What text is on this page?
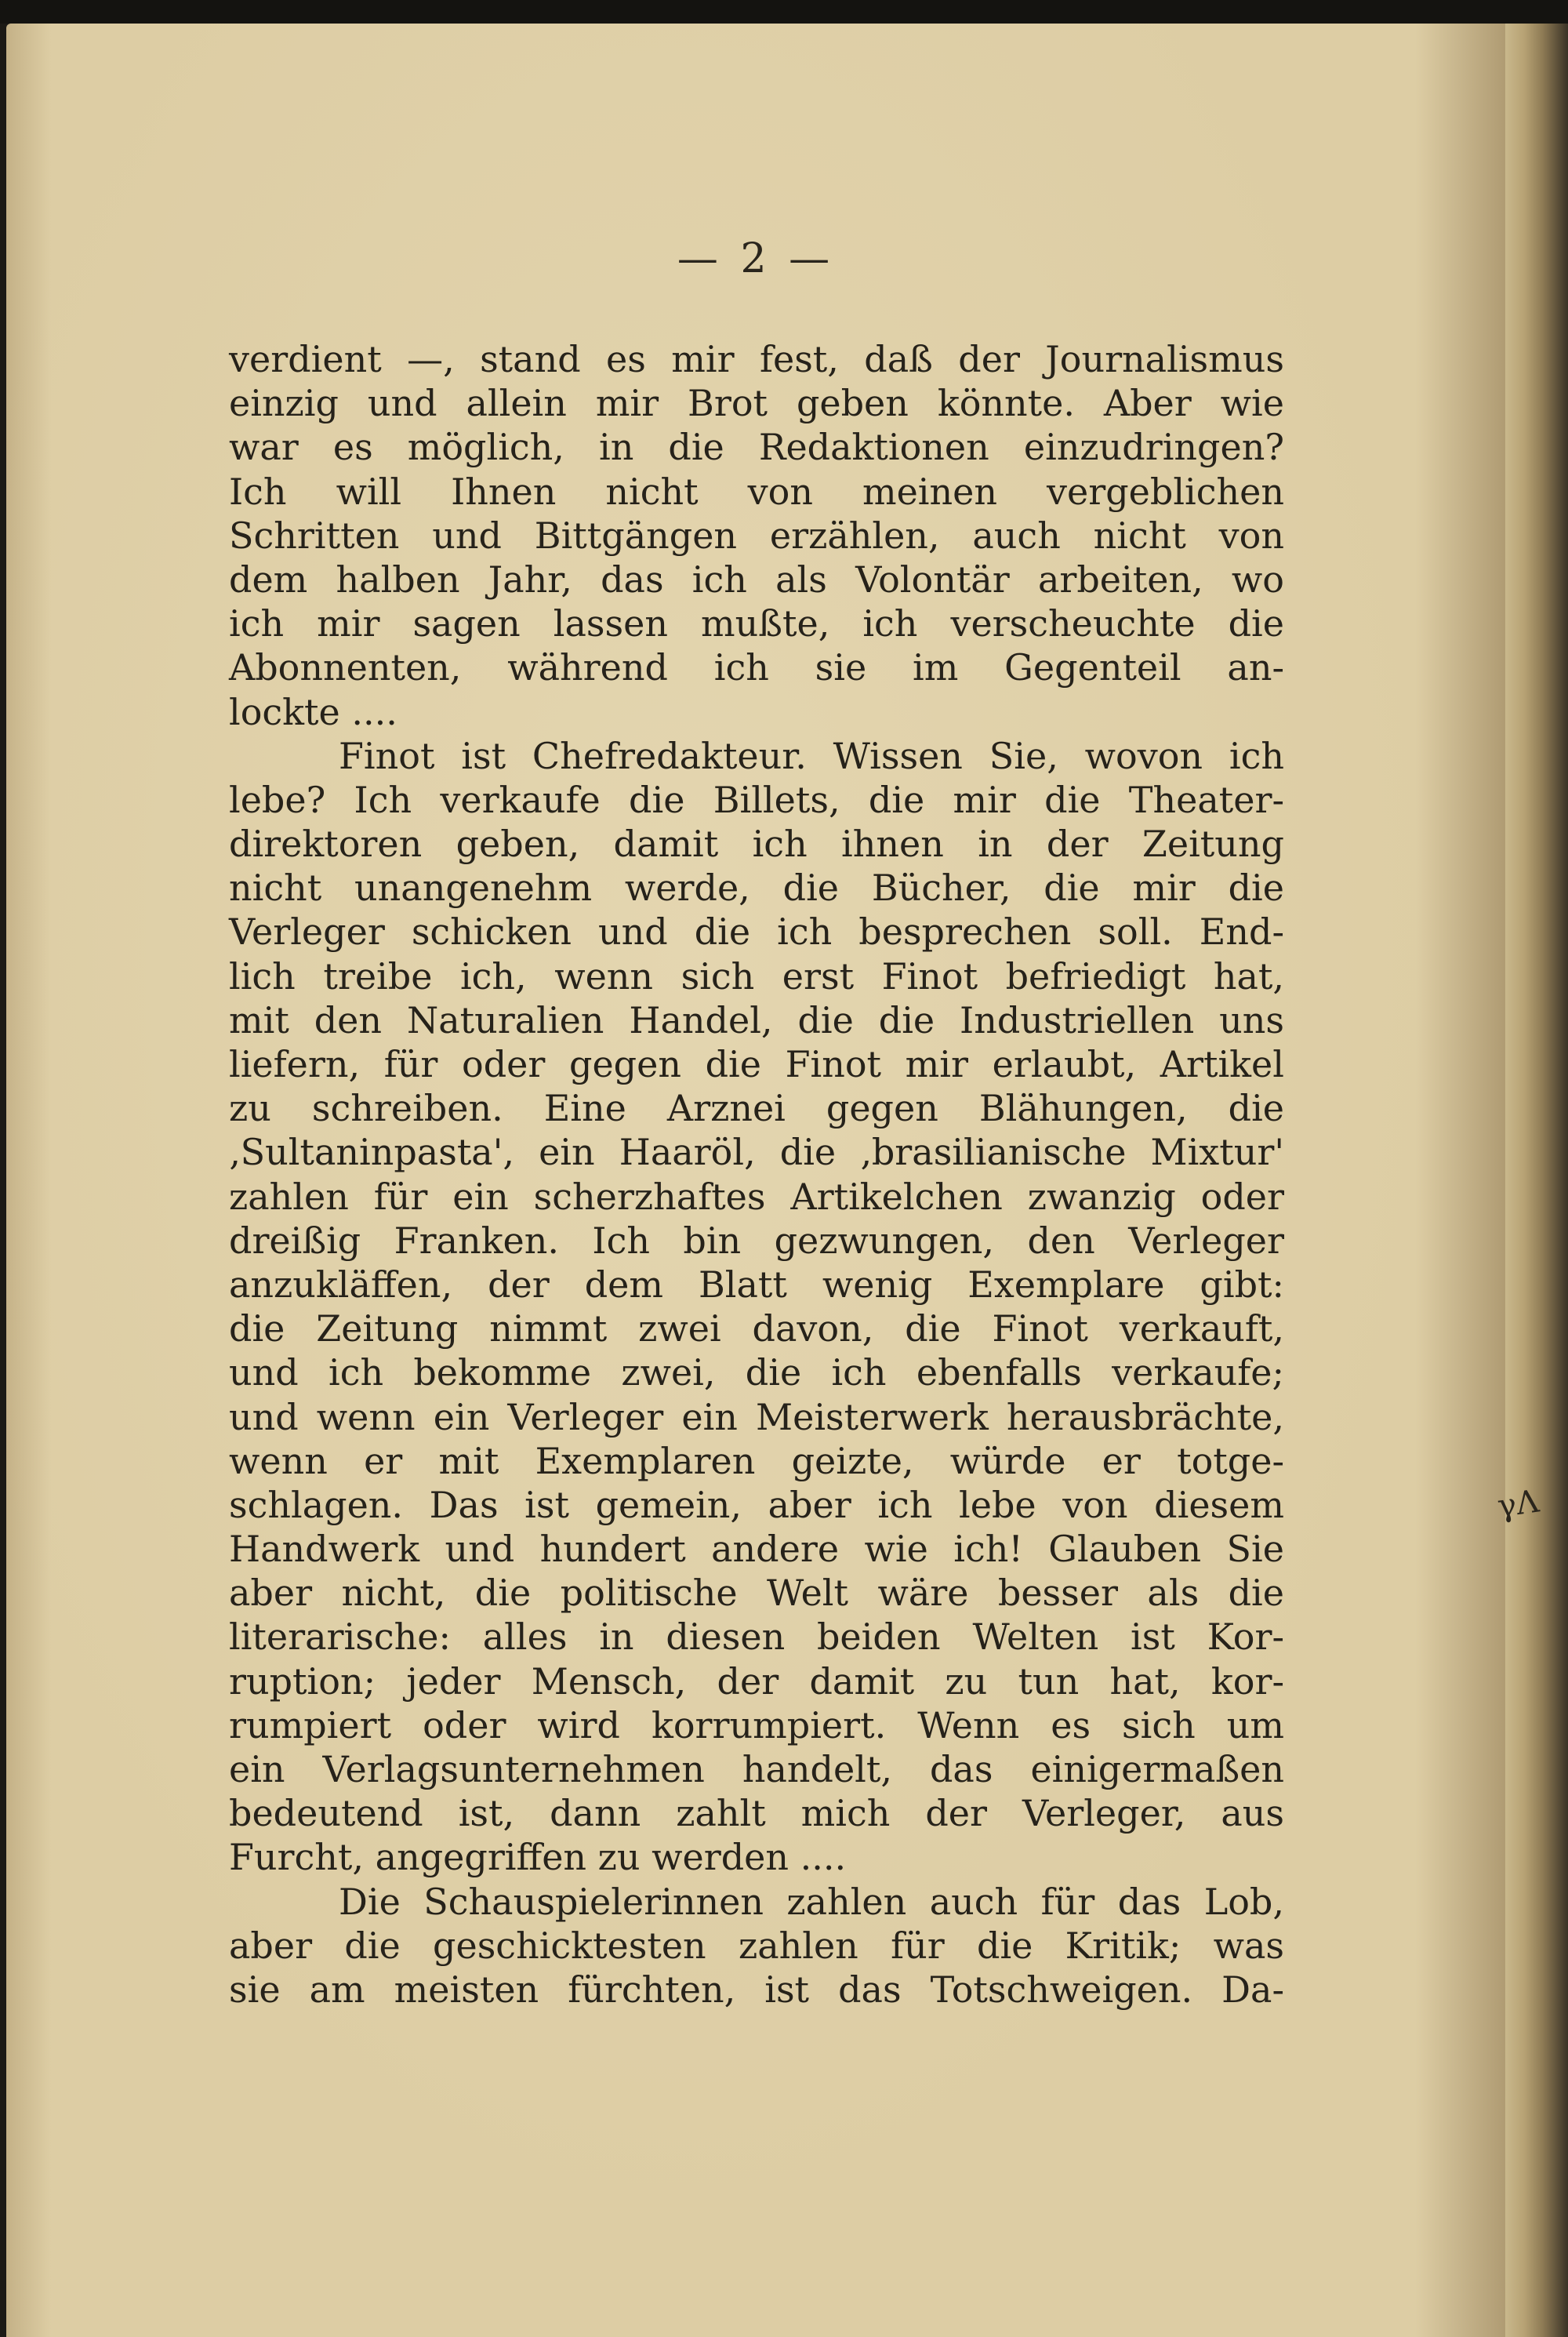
— 2 —
verdient —, stand es mir fest, daß der Journalismus
einzig und allein mir Brot geben könnte. Aber wie
war es möglich, in die Redaktionen einzudringen?
Ich will Ihnen nicht von meinen vergeblichen
Schritten und Bittgängen erzählen, auch nicht von
dem halben Jahr, das ich als Volontär arbeiten, wo
ich mir sagen lassen mußte, ich verscheuchte die
Abonnenten, während ich sie im Gegenteil an-
lockte ....
Finot ist Chefredakteur. Wissen Sie, wovon ich
lebe? Ich verkaufe die Billets, die mir die Theater-
direktoren geben, damit ich ihnen in der Zeitung
nicht unangenehm werde, die Bücher, die mir die
Verleger schicken und die ich besprechen soll. End-
lich treibe ich, wenn sich erst Finot befriedigt hat,
mit den Naturalien Handel, die die Industriellen uns
liefern, für oder gegen die Finot mir erlaubt, Artikel
zu schreiben. Eine Arznei gegen Blähungen, die
‚Sultaninpasta', ein Haaröl, die ‚brasilianische Mixtur'
zahlen für ein scherzhaftes Artikelchen zwanzig oder
dreißig Franken. Ich bin gezwungen, den Verleger
anzukläffen, der dem Blatt wenig Exemplare gibt:
die Zeitung nimmt zwei davon, die Finot verkauft,
und ich bekomme zwei, die ich ebenfalls verkaufe;
und wenn ein Verleger ein Meisterwerk herausbrächte,
wenn er mit Exemplaren geizte, würde er totge-
schlagen. Das ist gemein, aber ich lebe von diesem
Handwerk und hundert andere wie ich! Glauben Sie
aber nicht, die politische Welt wäre besser als die
literarische: alles in diesen beiden Welten ist Kor-
ruption; jeder Mensch, der damit zu tun hat, kor-
rumpiert oder wird korrumpiert. Wenn es sich um
ein Verlagsunternehmen handelt, das einigermaßen
bedeutend ist, dann zahlt mich der Verleger, aus
Furcht, angegriffen zu werden ....
Die Schauspielerinnen zahlen auch für das Lob,
aber die geschicktesten zahlen für die Kritik; was
sie am meisten fürchten, ist das Totschweigen. Da-
γΛ
